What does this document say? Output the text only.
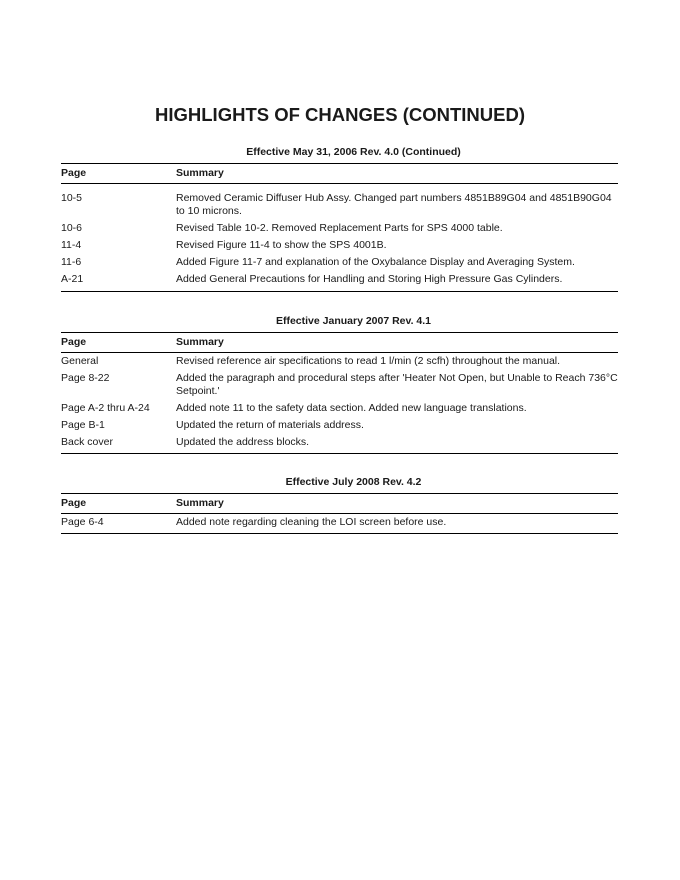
HIGHLIGHTS OF CHANGES (CONTINUED)

Effective May 31, 2006 Rev. 4.0 (Continued)

Page	Summary
10-5	Removed Ceramic Diffuser Hub Assy. Changed part numbers 4851B89G04 and 4851B90G04 to 10 microns.
10-6	Revised Table 10-2. Removed Replacement Parts for SPS 4000 table.
11-4	Revised Figure 11-4 to show the SPS 4001B.
11-6	Added Figure 11-7 and explanation of the Oxybalance Display and Averaging System.
A-21	Added General Precautions for Handling and Storing High Pressure Gas Cylinders.

Effective January 2007 Rev. 4.1

Page	Summary
General	Revised reference air specifications to read 1 l/min (2 scfh) throughout the manual.
Page 8-22	Added the paragraph and procedural steps after 'Heater Not Open, but Unable to Reach 736°C Setpoint.'
Page A-2 thru A-24	Added note 11 to the safety data section. Added new language translations.
Page B-1	Updated the return of materials address.
Back cover	Updated the address blocks.

Effective July 2008 Rev. 4.2

Page	Summary
Page 6-4	Added note regarding cleaning the LOI screen before use.
